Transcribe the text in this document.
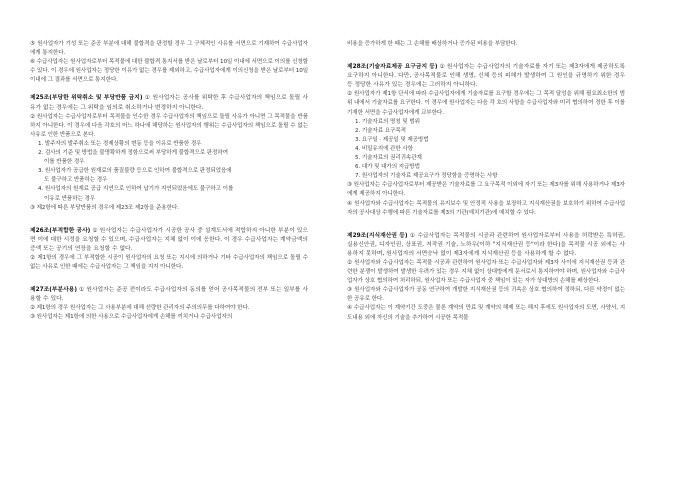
⑤ 원사업자가 기성 또는 준공 부분에 대해 불합격을 판정할 경우 그 구체적인 사유를 서면으로 기재하여 수급사업자에게 통지한다.

⑥ 수급사업자는 원사업자로부터 목적물에 대한 불합격 통지서를 받은 날로부터 10일 이내에 서면으로 이의를 신청할 수 있다. 이 경우에 원사업자는 정당한 이유가 없는 경우를 제외하고, 수급사업자에게 이의신청을 받은 날로부터 10일 이내에 그 결과를 서면으로 통지한다.

제25조(부당한 위탁취소 및 부당반품 금지) ① 원사업자는 공사를 위탁한 후 수급사업자의 책임으로 돌릴 사유가 없는 경우에는 그 위탁을 임의로 취소하거나 변경하지 아니한다.

② 원사업자는 수급사업자로부터 목적물을 인수한 경우 수급사업자의 책임으로 돌릴 사유가 아니면 그 목적물을 반품하지 아니한다. 이 경우에 다음 각호의 어느 하나에 해당하는 원사업자의 행위는 수급사업자의 책임으로 돌릴 수 없는 사유로 인한 반품으로 본다.

1. 발주자의 발주취소 또는 경제상황의 변동 등을 이유로 반품한 경우

2. 검사의 기준 및 방법을 불명확하게 정함으로써 부당하게 불합격으로 판정하여

이를 반품한 경우

3. 원사업자가 공급한 원재료의 품질불량 등으로 인하여 불합격으로 판정되었음에

도 불구하고 반품하는 경우

4. 원사업자의 원재료 공급 지연으로 인하여 납기가 지연되었음에도 불구하고 이를

이유로 반품하는 경우

③ 제2항에 따른 부당반품의 경우에 제23조 제2항을 준용한다.

제26조(부적합한 공사) ① 원사업자는 수급사업자가 시공한 공사 중 설계도서에 적합하지 아니한 부분이 있으면 이에 대한 시정을 요청할 수 있으며, 수급사업자는 지체 없이 이에 응한다. 이 경우 수급사업자는 계약금액의 증액 또는 공기의 연장을 요청할 수 없다.

② 제1항의 경우에 그 부적합한 시공이 원사업자의 요청 또는 지시에 의하거나 기타 수급사업자의 책임으로 돌릴 수 없는 사유로 인한 때에는 수급사업자는 그 책임을 지지 아니한다.

제27조(부분사용) ① 원사업자는 준공 전이라도 수급사업자의 동의를 얻어 공사목적물의 전부 또는 일부를 사용할 수 있다.

② 제1항의 경우 원사업자는 그 사용부분에 대해 선량한 관리자의 주의의무를 다하여야 한다.

③ 원사업자는 제1항에 의한 사용으로 수급사업자에게 손해를 끼치거나 수급사업자의

비용을 증가하게 한 때는 그 손해를 배상하거나 증가된 비용을 부담한다.

제28조(기술자료제공 요구금지 등) ① 원사업자는 수급사업자의 기술자료를 자기 또는 제3자에게 제공하도록 요구하지 아니한다. 다만, 공사목적물로 인해 생명, 신체 등의 피해가 발생하여 그 원인을 규명하기 위한 경우 등 정당한 사유가 있는 경우에는 그러하지 아니하다.

② 원사업자가 제1항 단서에 따라 수급사업자에게 기술자료를 요구할 경우에는 그 목적 달성을 위해 필요최소한의 범위 내에서 기술자료를 요구한다. 이 경우에 원사업자는 다음 각 호의 사항을 수급사업자와 미리 협의하여 정한 후 이를 기재한 서면을 수급사업자에게 교부한다.

1. 기술자료의 명칭 및 범위

2. 기술자료 요구목적

3. 요구일 · 제공일 및 제공방법

4. 비밀유지에 관한 사항

5. 기술자료의 권리귀속관계

6. 대가 및 대가의 지급방법

7. 원사업자의 기술자료 제공요구가 정당함을 증명하는 사항

③ 원사업자는 수급사업자로부터 제공받은 기술자료를 그 요구목적 이외에 자기 또는 제3자를 위해 사용하거나 제3자에게 제공하지 아니한다.

④ 원사업자와 수급사업자는 목적물의 유지보수 및 안정적 사용을 보장하고 지식재산권을 보호하기 위하여 수급사업자의 공사대상 수행에 따른 기술자료를 제3의 기관(예치기관)에 예치할 수 있다.

제29조(지식재산권 등) ① 수급사업자는 목적물의 시공과 관련하여 원사업자로부터 사용을 허락받은 특허권, 실용신안권, 디자인권, 상표권, 저작권 기술, 노하우(이하 "지식재산권 등"이라 한다)을 목적물 시공 외에는 사용하지 못하며, 원사업자의 서면승낙 없이 제3자에게 지식재산권 등을 사용하게 할 수 없다.

② 원사업자와 수급사업자는 목적물 시공과 관련하여 원사업자 또는 수급사업자와 제3자 사이에 지식재산권 등과 관련한 분쟁이 발생하여 발생한 우려가 있는 경우 지체 없이 상대방에게 문서로서 통지하여야 하며, 원사업자와 수급사업자가 상호 협의하여 처리하되, 원사업자 또는 수급사업자 중 책임이 있는 자가 상대방의 손해를 배상한다.

③ 원사업자와 수급사업자가 공동 연구하여 개발한 지식재산권 등의 귀속은 상호 협의하여 정하되, 다른 약정이 없는 한 공유로 한다.

④ 수급사업자는 이 계약기간 도중은 물론 계약의 만료 및 계약의 해제 또는 해지 후에도 원사업자의 도면, 사양서, 지도내용 외에 자신의 기술을 추가하여 시공한 목적물
